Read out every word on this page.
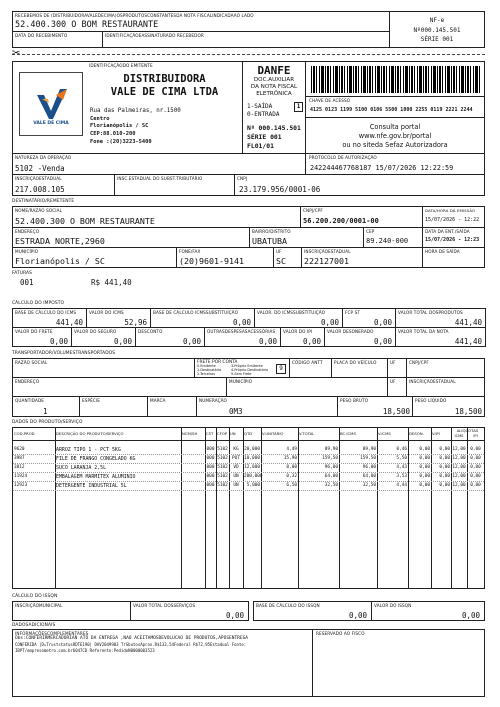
RECEBEMOS DE (DISTRIBUIDORAVALEDECIMA)OSPRODUTOSCONSTANTESDA NOTA FISCALINDICADAAO LADO
52.400.300 O BOM RESTAURANTE
DATA DO RECEBIMENTO	IDENTIFICAÇÃOEASSINATURADO RECEBEDOR
NF-e
Nº000.145.501
SÉRIE 001
✂
IDENTIFICAÇÃODO EMITENTE
VALE DE CIMA
DISTRIBUIDORA
VALE DE CIMA LTDA
Rua das Palmeiras, nr.1500
Centro
Florianópolis / SC
CEP:88.010-200
Fone :(20)3223-5400
DANFE
DOC.AUXILIAR
DA NOTA FISCAL
ELETRÔNICA
1-SAÍDA
0-ENTRADA
1
Nº 000.145.501
SÉRIE 001
FL01/01
CHAVE DE ACESSO
4125 0123 1199 5100 0106 5500 1000 2255 0119 2221 2244
Consulta portal
www.nfe.gov.br/portal
ou no siteda Sefaz Autorizadora
NATUREZA DA OPERAÇÃO
5102 -Venda
PROTOCOLO DE AUTORIZAÇÃO
242244467768187 15/07/2026 12:22:59
INSCRIÇÃOESTADUAL
217.008.105
INSC.ESTADUAL DO SUBST.TRIBUTÁRIO	CNPJ
23.179.956/0001-06
DESTINATÁRIO/REMETENTE
NOME/RAZÃO SOCIAL
52.400.300 O BOM RESTAURANTE
CNPJ/CPF
56.200.200/0001-00
DATA/HORA DA EMISSÃO
15/07/2026 - 12:22
ENDEREÇO
ESTRADA NORTE,2960
BAIRRO/DISTRITO
UBATUBA
CEP
89.240-000
DATA DA ENT./SAÍDA
15/07/2026 - 12:23
MUNICÍPIO
Florianópolis / SC
FONE/FAX
(20)9601-9141
UF
SC
INSCRIÇÃOESTADUAL
222127001
HORA DE SAÍDA
FATURAS
001	R$ 441,40
CÁLCULO DO IMPOSTO
TRANSPORTADOR/VOLUMESTRANSPORTADOS
RAZÃO SOCIAL	FRETE POR CONTA
0-Emitente
1-Destinatário
2-Terceiros
3-Próprio Emitente
4-Próprio Destinatário
9-Sem Frete
9
CÓDIGO ANTT	PLACA DO VEÍCULO	UF	CNPJ/CPF
ENDEREÇO	MUNICÍPIO	UF	INSCRIÇÃOESTADUAL
QUANTIDADE
1
ESPÉCIE	MARCA	NUMERAÇÃO
0M3
PESO BRUTO
18,500
PESO LÍQUIDO
18,500
DADOS DO PRODUTO/SERVIÇO
COD.PROD	DESCRIÇÃO DO PRODUTO/SERVIÇO	NCM/SH	CST CFOP UN	QTD	V.UNITÁRIO	V.TOTAL	BC.ICMS	V.ICMS	DESON.	V.IPI
ALÍQUOTAS
ICMS	IPI
9620	ARROZ TIPO 1 - PCT 5KG	000 5102	KG	20,000	4,49	89,90	89,90	8,46	0,00	0,00 12,00	0,00
3987	FILE DE FRANGO CONGELADO KG	000 5102 POT 10,000	15,90	159,50	159,50	5,50	0,00	0,00 12,00	0,00
3812	SUCO LARANJA 2,5L	000 5102	VD	12,000	8,00	96,00	96,00	4,43	0,00	0,00 12,00	0,00
11924	EMBALAGEM MARMITEX ALUMINIO	000 5102	UN	200,000	0,32	64,00	64,00	3,53	0,00	0,00 12,00	0,00
12923	DETERGENTE INDUSTRIAL 5L	000 5102	UN	5,000	6,50	32,50	32,50	4,44	0,00	0,00 12,00	0,00
CÁLCULO DO ISSQN
INSCRIÇÃOMUNICIPAL	VALOR TOTAL DOSSERVIÇOS
0,00
BASE DE CÁLCULO DO ISSQN
0,00
VALOR DO ISSQN
0,00
DADOSADICIONAIS
INFORMAÇÕESCOMPLEMENTARES
Obs:CONFERIRMERCADORIAN ATO DA ENTREGA ,NAO ACEITAMOSDEVOLUCAO DE PRODUTOS,APOSENTREGA
CONFERIDA |D=TruststatusRDTE190| DAV2049903 TrSbutosAprox.R$133,54Federal R$72,95Estadual Fonte:
IBPT/empresometro.com.br6047CD Referente:PedidoN0000003523
RESERVADO AO FISCO
BASE DE CÁLCULO DO ICMS
441,40
VALOR DO ICMS
52,96
BASE DE CÁLCULO ICMSSUBSTITUIÇÃO
0,00
VALOR. DO ICMSSUBSTITUIÇÃO
0,00
FCP ST
0,00
VALOR TOTAL DOSPRODUTOS
441,40
VALOR DO FRETE
0,00
VALOR DO SEGURO
0,00
DESCONTO
0,00
OUTRASDESPESASACESSÓRIAS
0,00
VALOR DO IPI
0,00
VALOR DESONERADO
0,00
VALOR TOTAL DA NOTA
441,40
